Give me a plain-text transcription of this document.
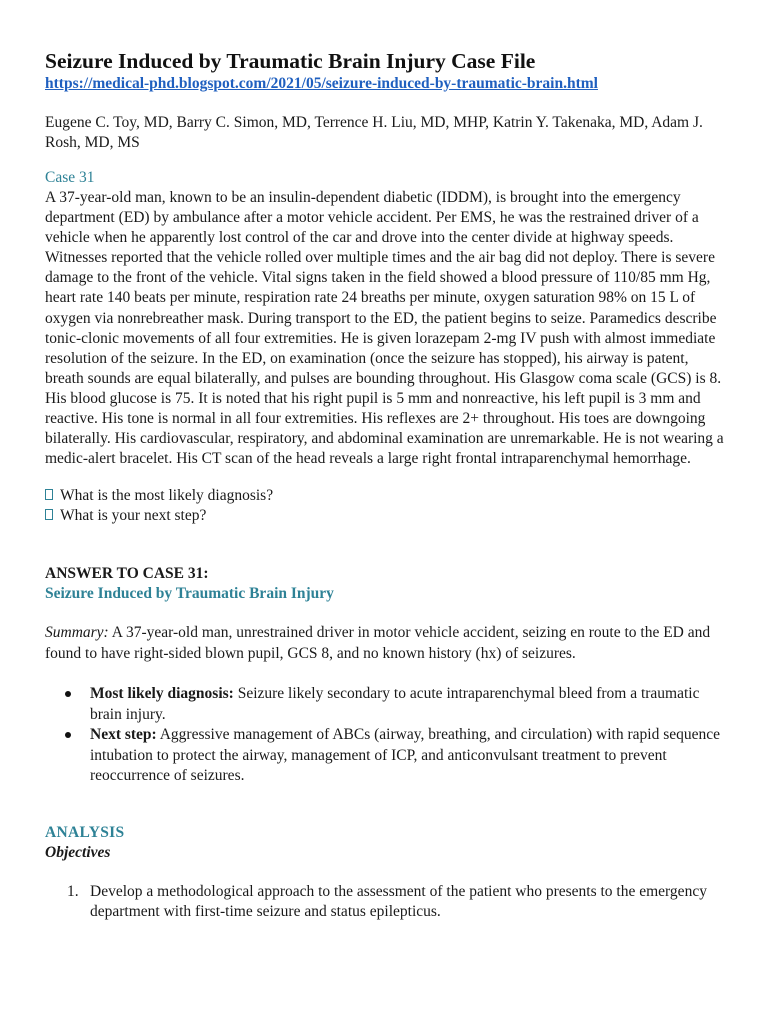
Seizure Induced by Traumatic Brain Injury Case File
https://medical-phd.blogspot.com/2021/05/seizure-induced-by-traumatic-brain.html
Eugene C. Toy, MD, Barry C. Simon, MD, Terrence H. Liu, MD, MHP, Katrin Y. Takenaka, MD, Adam J. Rosh, MD, MS
Case 31

A 37-year-old man, known to be an insulin-dependent diabetic (IDDM), is brought into the emergency department (ED) by ambulance after a motor vehicle accident. Per EMS, he was the restrained driver of a vehicle when he apparently lost control of the car and drove into the center divide at highway speeds. Witnesses reported that the vehicle rolled over multiple times and the air bag did not deploy. There is severe damage to the front of the vehicle. Vital signs taken in the field showed a blood pressure of 110/85 mm Hg, heart rate 140 beats per minute, respiration rate 24 breaths per minute, oxygen saturation 98% on 15 L of oxygen via nonrebreather mask. During transport to the ED, the patient begins to seize. Paramedics describe tonic-clonic movements of all four extremities. He is given lorazepam 2-mg IV push with almost immediate resolution of the seizure. In the ED, on examination (once the seizure has stopped), his airway is patent, breath sounds are equal bilaterally, and pulses are bounding throughout. His Glasgow coma scale (GCS) is 8. His blood glucose is 75. It is noted that his right pupil is 5 mm and nonreactive, his left pupil is 3 mm and reactive. His tone is normal in all four extremities. His reflexes are 2+ throughout. His toes are downgoing bilaterally. His cardiovascular, respiratory, and abdominal examination are unremarkable. He is not wearing a medic-alert bracelet. His CT scan of the head reveals a large right frontal intraparenchymal hemorrhage.

What is the most likely diagnosis?
What is your next step?
ANSWER TO CASE 31:
Seizure Induced by Traumatic Brain Injury
Summary: A 37-year-old man, unrestrained driver in motor vehicle accident, seizing en route to the ED and found to have right-sided blown pupil, GCS 8, and no known history (hx) of seizures.
Most likely diagnosis: Seizure likely secondary to acute intraparenchymal bleed from a traumatic brain injury.
Next step: Aggressive management of ABCs (airway, breathing, and circulation) with rapid sequence intubation to protect the airway, management of ICP, and anticonvulsant treatment to prevent reoccurrence of seizures.
ANALYSIS
Objectives
1. Develop a methodological approach to the assessment of the patient who presents to the emergency department with first-time seizure and status epilepticus.
